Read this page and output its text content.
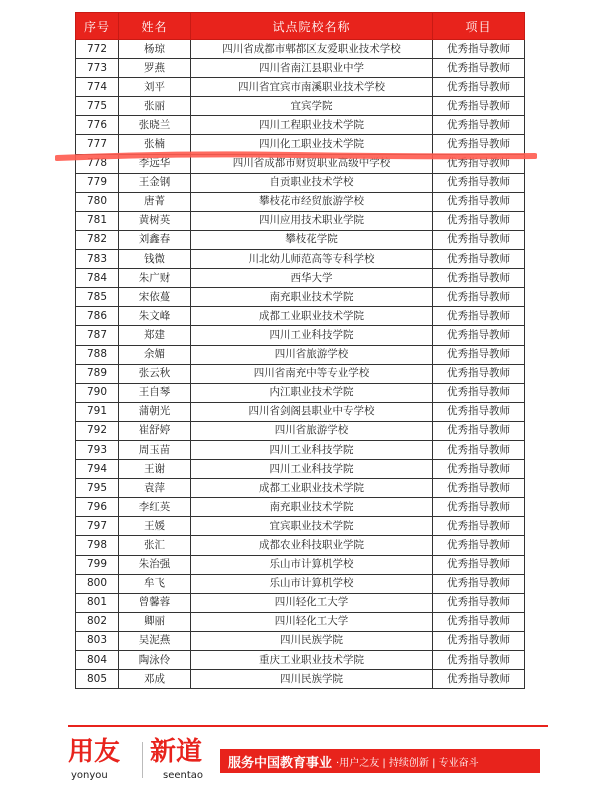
序号	姓名	试点院校名称	项目
772	杨琼	四川省成都市郫都区友爱职业技术学校	优秀指导教师
773	罗燕	四川省南江县职业中学	优秀指导教师
774	刘平	四川省宜宾市南溪职业技术学校	优秀指导教师
775	张丽	宜宾学院	优秀指导教师
776	张晓兰	四川工程职业技术学院	优秀指导教师
777	张楠	四川化工职业技术学院	优秀指导教师
778	李远华	四川省成都市财贸职业高级中学校	优秀指导教师
779	王金钢	自贡职业技术学校	优秀指导教师
780	唐菁	攀枝花市经贸旅游学校	优秀指导教师
781	黄树英	四川应用技术职业学院	优秀指导教师
782	刘鑫春	攀枝花学院	优秀指导教师
783	钱微	川北幼儿师范高等专科学校	优秀指导教师
784	朱广财	西华大学	优秀指导教师
785	宋依蔓	南充职业技术学院	优秀指导教师
786	朱文峰	成都工业职业技术学院	优秀指导教师
787	郑建	四川工业科技学院	优秀指导教师
788	余媚	四川省旅游学校	优秀指导教师
789	张云秋	四川省南充中等专业学校	优秀指导教师
790	王自琴	内江职业技术学院	优秀指导教师
791	蒲朝光	四川省剑阁县职业中专学校	优秀指导教师
792	崔舒婷	四川省旅游学校	优秀指导教师
793	周玉苗	四川工业科技学院	优秀指导教师
794	王谢	四川工业科技学院	优秀指导教师
795	袁萍	成都工业职业技术学院	优秀指导教师
796	李红英	南充职业技术学院	优秀指导教师
797	王媛	宜宾职业技术学院	优秀指导教师
798	张汇	成都农业科技职业学院	优秀指导教师
799	朱治强	乐山市计算机学校	优秀指导教师
800	牟飞	乐山市计算机学校	优秀指导教师
801	曾馨蓉	四川轻化工大学	优秀指导教师
802	卿丽	四川轻化工大学	优秀指导教师
803	吴泥燕	四川民族学院	优秀指导教师
804	陶泳伶	重庆工业职业技术学院	优秀指导教师
805	邓成	四川民族学院	优秀指导教师
用友
yonyou
新道
seentao
服务中国教育事业 ·用户之友 | 持续创新 | 专业奋斗
